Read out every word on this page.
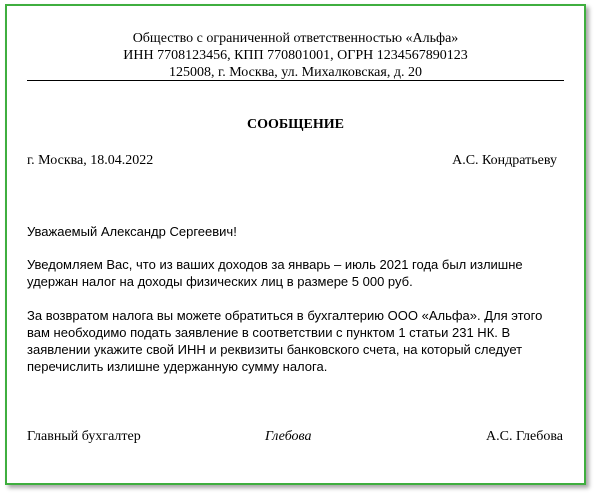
Общество с ограниченной ответственностью «Альфа»
ИНН 7708123456, КПП 770801001, ОГРН 1234567890123
125008, г. Москва, ул. Михалковская, д. 20
СООБЩЕНИЕ
г. Москва, 18.04.2022	А.С. Кондратьеву
Уважаемый Александр Сергеевич!
Уведомляем Вас, что из ваших доходов за январь – июль 2021 года был излишне
удержан налог на доходы физических лиц в размере 5 000 руб.
За возвратом налога вы можете обратиться в бухгалтерию ООО «Альфа». Для этого
вам необходимо подать заявление в соответствии с пунктом 1 статьи 231 НК. В
заявлении укажите свой ИНН и реквизиты банковского счета, на который следует
перечислить излишне удержанную сумму налога.
Главный бухгалтер	Глебова	А.С. Глебова
